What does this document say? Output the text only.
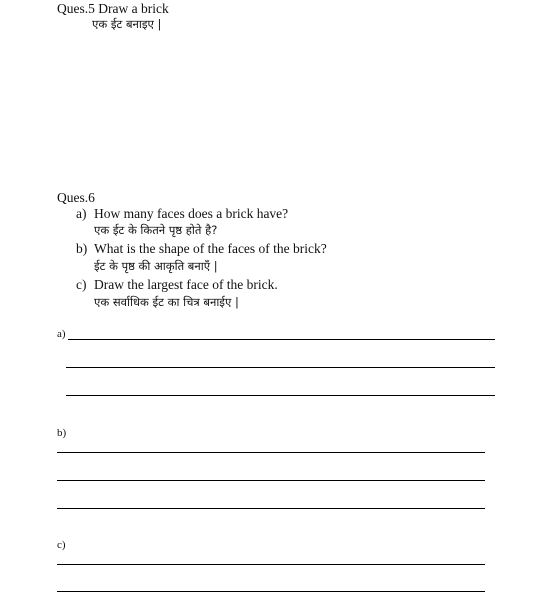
Ques.5 Draw a brick
एक ईट बनाइए |
Ques.6
a) How many faces does a brick have?
एक ईट के कितने पृष्ठ होते है?
b) What is the shape of the faces of the brick?
ईट के पृष्ठ की आकृति बनाएँ |
c) Draw the largest face of the brick.
एक सर्वाधिक ईट का चित्र बनाईए |
a)
b)
c)
